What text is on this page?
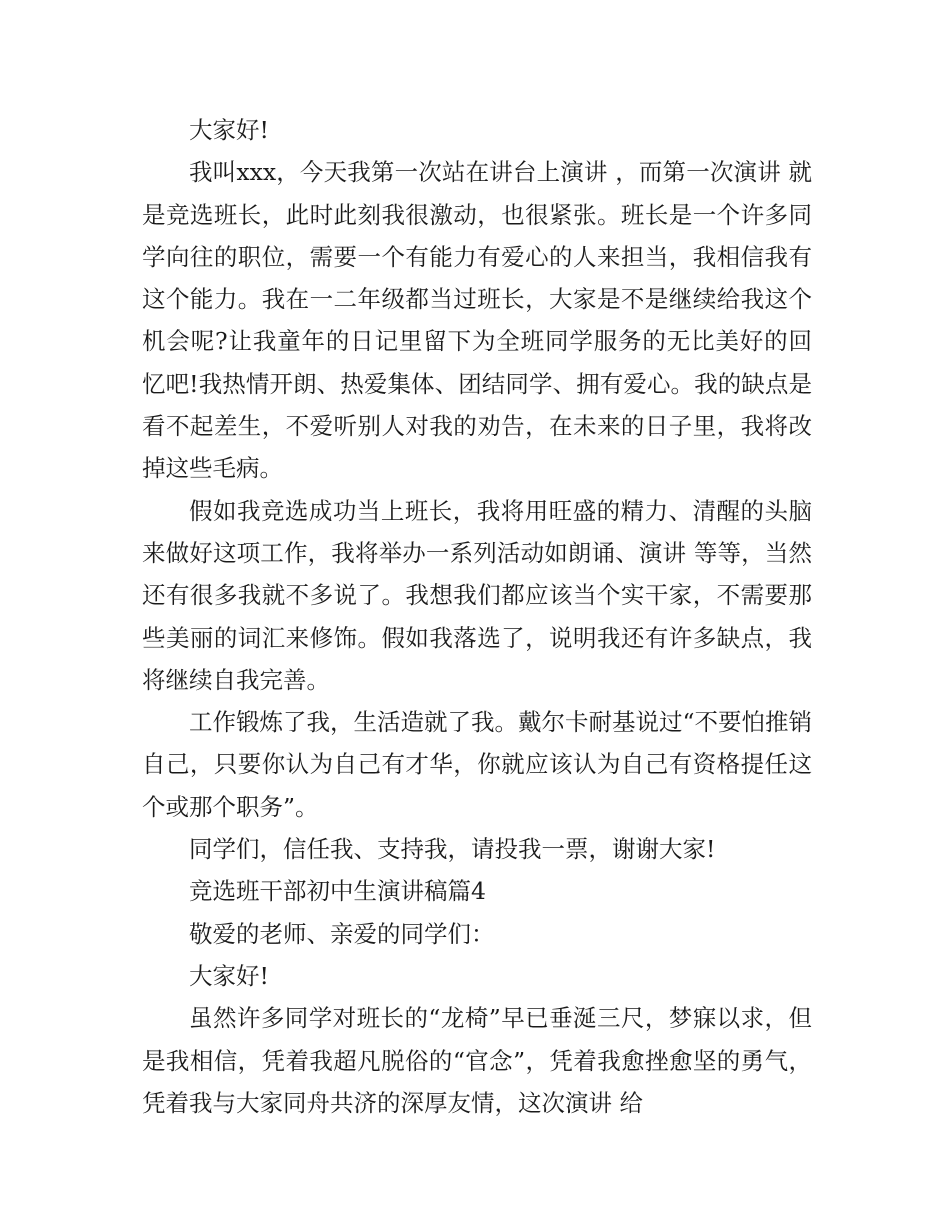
大家好!

我叫xxx，今天我第一次站在讲台上演讲 ，而第一次演讲 就是竞选班长，此时此刻我很激动，也很紧张。班长是一个许多同学向往的职位，需要一个有能力有爱心的人来担当，我相信我有这个能力。我在一二年级都当过班长，大家是不是继续给我这个机会呢?让我童年的日记里留下为全班同学服务的无比美好的回忆吧!我热情开朗、热爱集体、团结同学、拥有爱心。我的缺点是看不起差生，不爱听别人对我的劝告，在未来的日子里，我将改掉这些毛病。

假如我竞选成功当上班长，我将用旺盛的精力、清醒的头脑来做好这项工作，我将举办一系列活动如朗诵、演讲 等等，当然还有很多我就不多说了。我想我们都应该当个实干家，不需要那些美丽的词汇来修饰。假如我落选了，说明我还有许多缺点，我将继续自我完善。

工作锻炼了我，生活造就了我。戴尔卡耐基说过“不要怕推销自己，只要你认为自己有才华，你就应该认为自己有资格提任这个或那个职务”。

同学们，信任我、支持我，请投我一票，谢谢大家!

竞选班干部初中生演讲稿篇4

敬爱的老师、亲爱的同学们：

大家好!

虽然许多同学对班长的“龙椅”早已垂涎三尺，梦寐以求，但是我相信，凭着我超凡脱俗的“官念”，凭着我愈挫愈坚的勇气，凭着我与大家同舟共济的深厚友情，这次演讲 给
